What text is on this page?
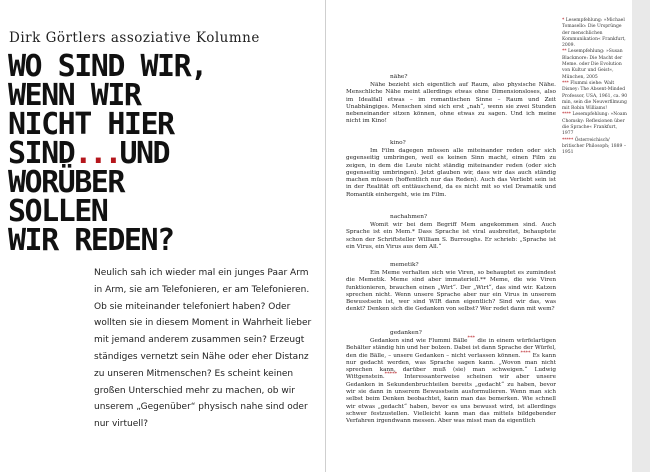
Dirk Görtlers assoziative Kolumne
WO SIND WIR,
WENN WIR
NICHT HIER
SIND...UND
WORÜBER
SOLLEN
WIR REDEN?

Neulich sah ich wieder mal ein junges Paar Arm in Arm, sie am Telefonieren, er am Telefonieren. Ob sie miteinander telefoniert haben? Oder wollten sie in diesem Moment in Wahrheit lieber mit jemand anderem zusammen sein? Erzeugt ständiges vernetzt sein Nähe oder eher Distanz zu unseren Mitmenschen? Es scheint keinen großen Unterschied mehr zu machen, ob wir unserem „Gegenüber“ physisch nahe sind oder nur virtuell?

nähe?

Nähe bezieht sich eigentlich auf Raum, also physische Nähe. Menschliche Nähe meint allerdings etwas ohne Dimensionsloses, also im Idealfall etwas – im romantischen Sinne – Raum und Zeit Unabhängiges. Menschen sind sich erst „nah“, wenn sie zwei Stunden nebeneinander sitzen können, ohne etwas zu sagen. Und ich meine nicht im Kino!

kino?

Im Film dagegen müssen alle miteinander reden oder sich gegenseitig umbringen, weil es keinen Sinn macht, einen Film zu zeigen, in dem die Leute nicht ständig miteinander reden (oder sich gegenseitig umbringen). Jetzt glauben wir, dass wir das auch ständig machen müssen (hoffentlich nur das Reden). Auch das Verliebt sein ist in der Realität oft enttäuschend, da es nicht mit so viel Dramatik und Romantik einhergeht, wie im Film.

nachahmen?

Womit wir bei dem Begriff Mem angekommen sind. Auch Sprache ist ein Mem.* Dass Sprache ist viral ausbreitet, behauptete schon der Schriftsteller William S. Burroughs. Er schrieb: „Sprache ist ein Virus, ein Virus aus dem All.“

memetik?

Ein Meme verhalten sich wie Viren, so behauptet es zumindest die Memetik. Meme sind aber immateriell.** Meme, die wie Viren funktionieren, brauchen einen „Wirt“. Der „Wirt“, das sind wir. Katzen sprechen nicht. Wenn unsere Sprache aber nur ein Virus in unserem Bewusstsein ist, wer sind WIR dann eigentlich? Sind wir das, was denkt? Denken sich die Gedanken von selbst? Wer redet dann mit wem?

gedanken?

Gedanken sind wie Flummi Bälle*** die in einem würfelartigen Behälter ständig hin und her bolzen. Dabei ist dann Sprache der Würfel, den die Bälle, – unsere Gedanken – nicht verlassen können.**** Es kann nur gedacht werden, was Sprache sagen kann. „Wovon man nicht sprechen kann, darüber muß (sie) man schweigen.“ Ludwig Wittgenstein.***** Interessanterweise scheinen wir aber unsere Gedanken in Sekundenbruchteilen bereits „gedacht“ zu haben, bevor wir sie dann in unserem Bewusstsein ausformulieren. Wenn man sich selbst beim Denken beobachtet, kann man das bemerken. Wie schnell wir etwas „gedacht“ haben, bevor es uns bewusst wird, ist allerdings schwer festzustellen. Vielleicht kann man das mittels bildgebender Verfahren irgendwann messen. Aber was misst man da eigentlich

* Lesempfehlung: »Michael Tomasello: Die Ursprünge der menschlichen Kommunikation« Frankfurt, 2009.

** Lesempfehlung: »Susan Blackmore: Die Macht der Meme. oder Die Evolution von Kultur und Geist«, München, 2005

*** Flummi siehe: Walt Disney: The Absent-Minded Professor, USA, 1961, ca. 90 min, sein die Neuverfilmung mit Robin Williams!

**** Lesempfehlung: »Noam Chomsky: Reflexionen über die Sprache« Frankfurt, 1977

***** Österreichisch/ britischer Philosoph; 1889 – 1951
